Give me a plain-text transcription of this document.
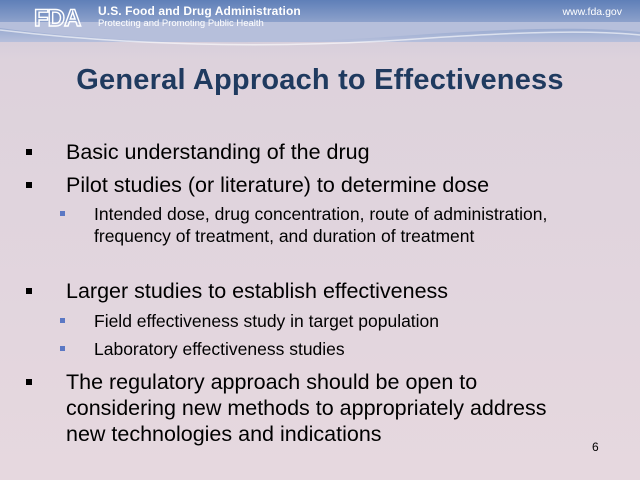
FDA U.S. Food and Drug Administration
Protecting and Promoting Public Health
www.fda.gov
General Approach to Effectiveness
Basic understanding of the drug
Pilot studies (or literature) to determine dose
Intended dose, drug concentration, route of administration, frequency of treatment, and duration of treatment
Larger studies to establish effectiveness
Field effectiveness study in target population
Laboratory effectiveness studies
The regulatory approach should be open to considering new methods to appropriately address new technologies and indications
6
